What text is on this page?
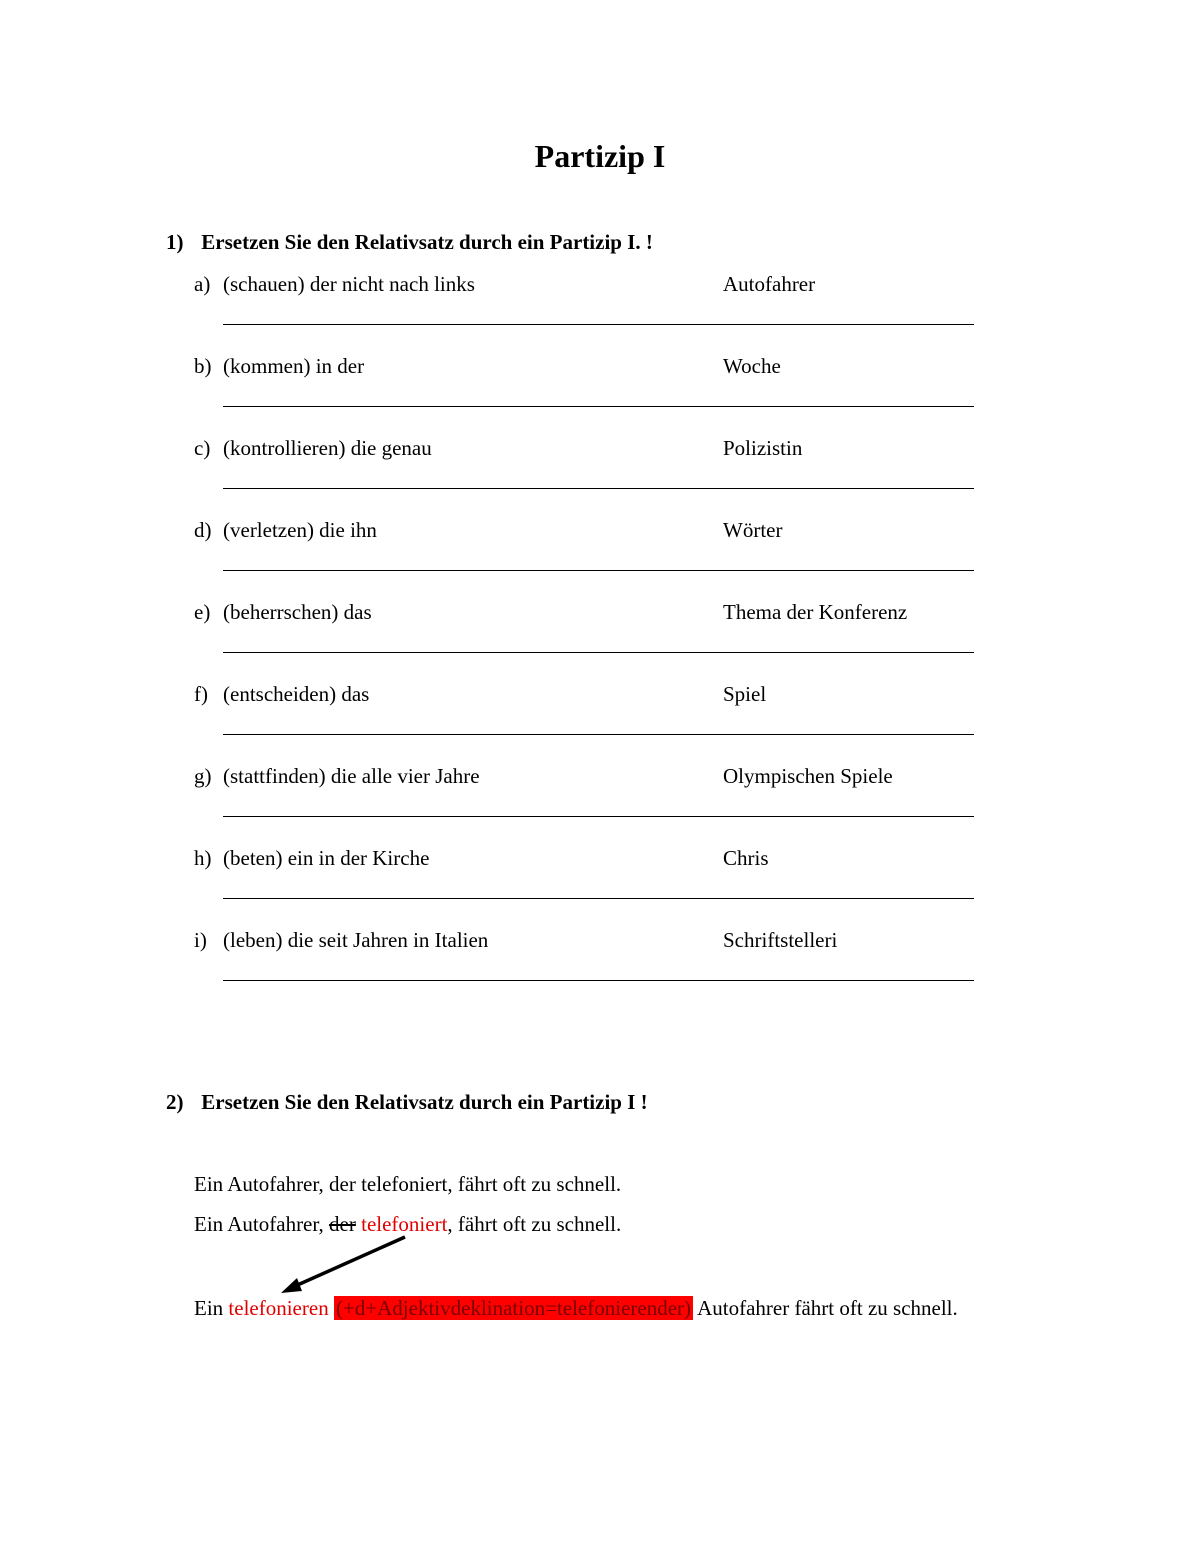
Partizip I
1) Ersetzen Sie den Relativsatz durch ein Partizip I. !
a) (schauen) der nicht nach links	Autofahrer
b) (kommen) in der	Woche
c) (kontrollieren) die genau	Polizistin
d) (verletzen) die ihn	Wörter
e) (beherrschen) das	Thema der Konferenz
f) (entscheiden) das	Spiel
g) (stattfinden) die alle vier Jahre	Olympischen Spiele
h) (beten) ein in der Kirche	Chris
i) (leben) die seit Jahren in Italien	Schriftstelleri
2) Ersetzen Sie den Relativsatz durch ein Partizip I !
Ein Autofahrer, der telefoniert, fährt oft zu schnell.
Ein Autofahrer, der telefoniert, fährt oft zu schnell.
Ein telefonieren (+d+Adjektivdeklination=telefonierender) Autofahrer fährt oft zu schnell.
